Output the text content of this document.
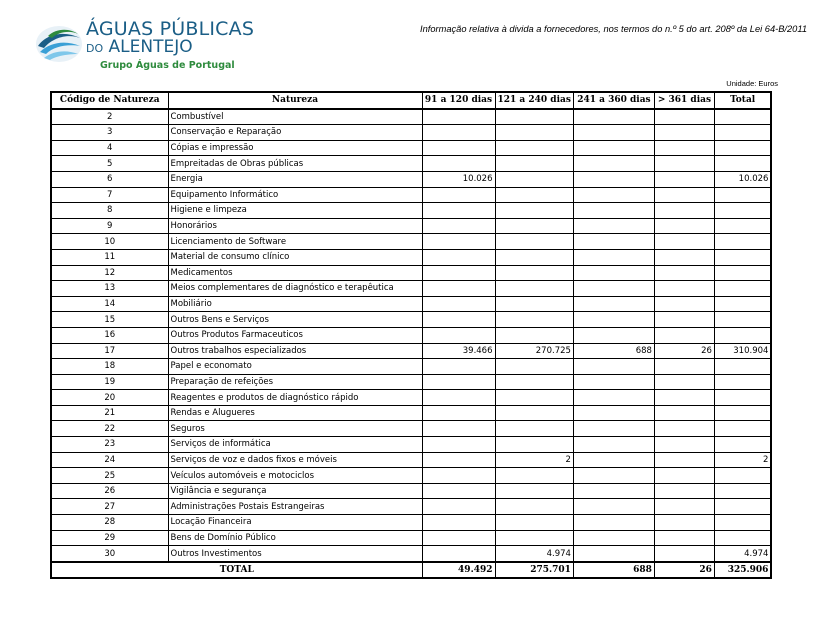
ÁGUAS PÚBLICAS
DO ALENTEJO
Grupo Águas de Portugal
Informação relativa à divida a fornecedores, nos termos do n.º 5 do art. 208º da Lei 64-B/2011
Unidade: Euros
Código de Natureza	Natureza	91 a 120 dias	121 a 240 dias	241 a 360 dias	> 361 dias	Total
2	Combustível					
3	Conservação e Reparação					
4	Cópias e impressão					
5	Empreitadas de Obras públicas					
6	Energia	10.026				10.026
7	Equipamento Informático					
8	Higiene e limpeza					
9	Honorários					
10	Licenciamento de Software					
11	Material de consumo clínico					
12	Medicamentos					
13	Meios complementares de diagnóstico e terapêutica					
14	Mobiliário					
15	Outros Bens e Serviços					
16	Outros Produtos Farmaceuticos					
17	Outros trabalhos especializados	39.466	270.725	688	26	310.904
18	Papel e economato					
19	Preparação de refeições					
20	Reagentes e produtos de diagnóstico rápido					
21	Rendas e Alugueres					
22	Seguros					
23	Serviços de informática					
24	Serviços de voz e dados fixos e móveis		2			2
25	Veículos automóveis e motociclos					
26	Vigilância e segurança					
27	Administrações Postais Estrangeiras					
28	Locação Financeira					
29	Bens de Domínio Público					
30	Outros Investimentos		4.974			4.974
TOTAL		49.492	275.701	688	26	325.906
